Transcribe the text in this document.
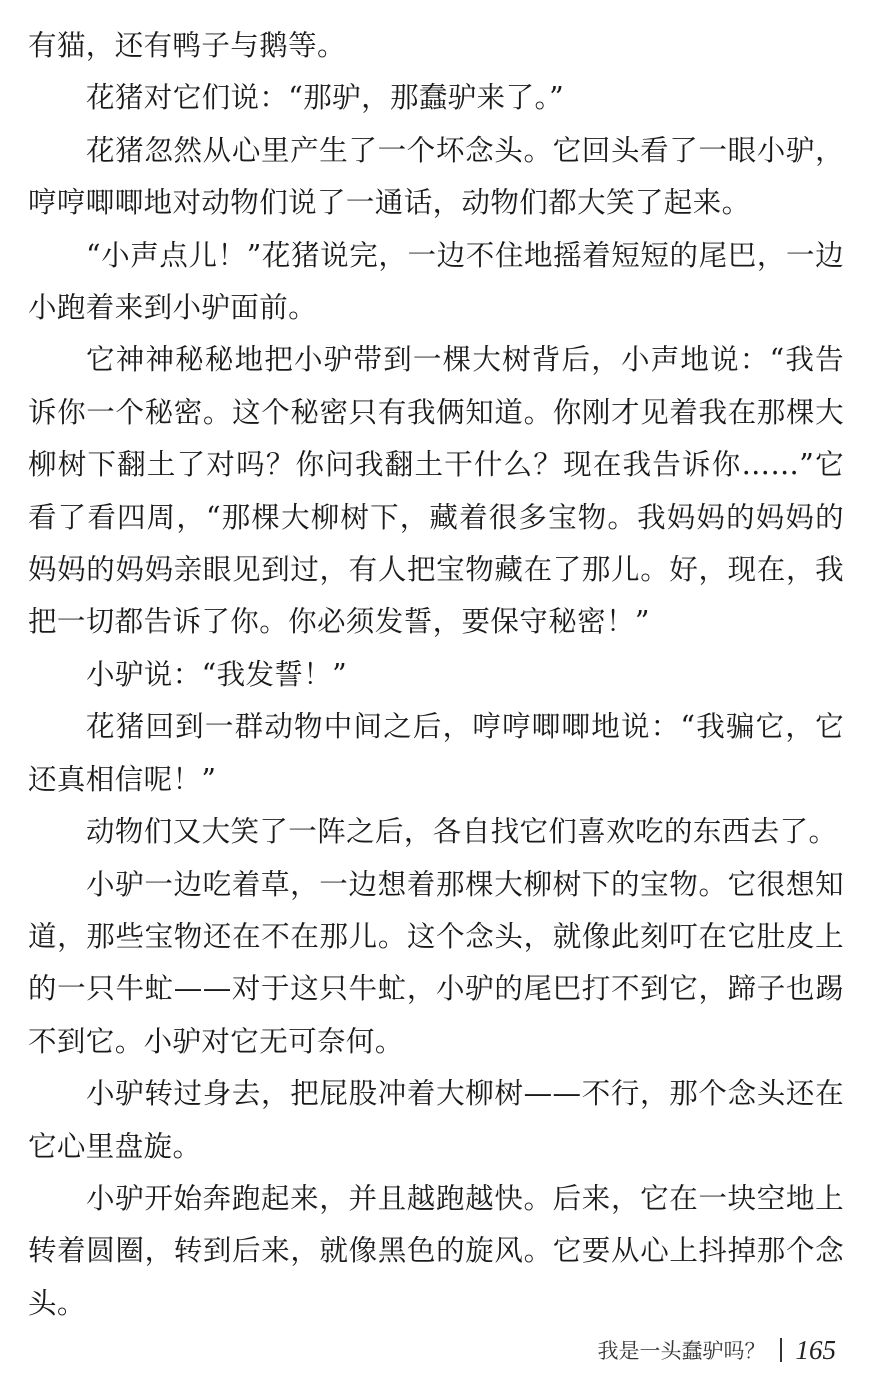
有猫，还有鸭子与鹅等。

花猪对它们说：“那驴，那蠢驴来了。”

花猪忽然从心里产生了一个坏念头。它回头看了一眼小驴，哼哼唧唧地对动物们说了一通话，动物们都大笑了起来。

“小声点儿！”花猪说完，一边不住地摇着短短的尾巴，一边小跑着来到小驴面前。

它神神秘秘地把小驴带到一棵大树背后，小声地说：“我告诉你一个秘密。这个秘密只有我俩知道。你刚才见着我在那棵大柳树下翻土了对吗？你问我翻土干什么？现在我告诉你……”它看了看四周，“那棵大柳树下，藏着很多宝物。我妈妈的妈妈的妈妈的妈妈亲眼见到过，有人把宝物藏在了那儿。好，现在，我把一切都告诉了你。你必须发誓，要保守秘密！”

小驴说：“我发誓！”

花猪回到一群动物中间之后，哼哼唧唧地说：“我骗它，它还真相信呢！”

动物们又大笑了一阵之后，各自找它们喜欢吃的东西去了。

小驴一边吃着草，一边想着那棵大柳树下的宝物。它很想知道，那些宝物还在不在那儿。这个念头，就像此刻叮在它肚皮上的一只牛虻——对于这只牛虻，小驴的尾巴打不到它，蹄子也踢不到它。小驴对它无可奈何。

小驴转过身去，把屁股冲着大柳树——不行，那个念头还在它心里盘旋。

小驴开始奔跑起来，并且越跑越快。后来，它在一块空地上转着圆圈，转到后来，就像黑色的旋风。它要从心上抖掉那个念头。

我是一头蠢驴吗？ 165
